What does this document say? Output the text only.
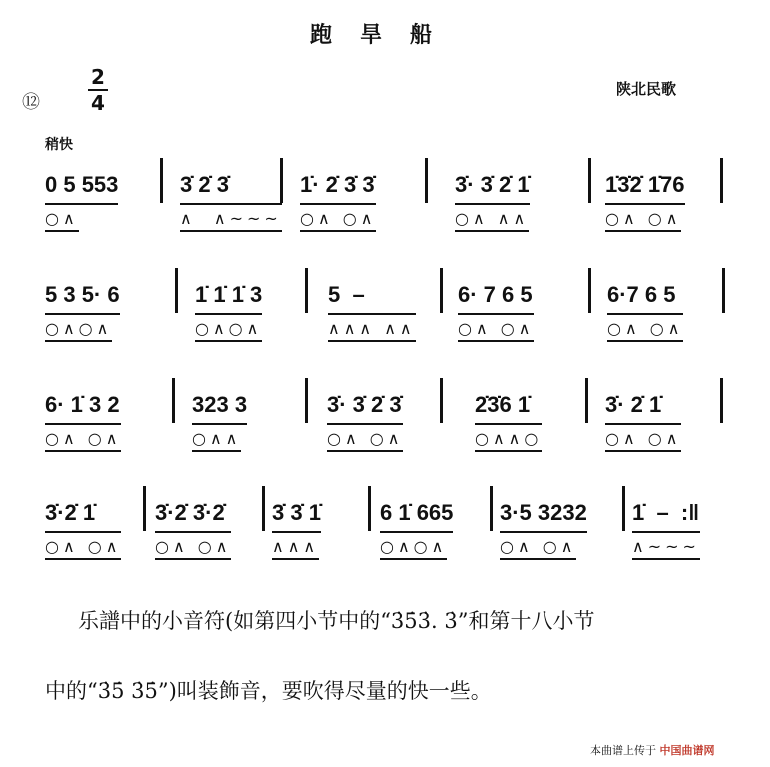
跑旱船
⑫
2
4
陕北民歌
稍快
0 5 553
○∧
3̇ 2̇ 3̇
∧  ∧~~~
1̇· 2̇ 3̇ 3̇
○∧ ○∧
3̇· 3̇ 2̇ 1̇
○∧ ∧∧
1̇3̇2̇ 1̇76
○∧ ○∧
5 3 5· 6
○∧○∧
1̇ 1̇ 1̇ 3
○∧○∧
5  –
∧∧∧ ∧∧
6· 7 6 5
○∧ ○∧
6·7 6 5
○∧ ○∧
6· 1̇ 3 2
○∧ ○∧
323 3
○∧∧
3̇· 3̇ 2̇ 3̇
○∧ ○∧
2̇3̇6 1̇
○∧∧○
3̇· 2̇ 1̇
○∧ ○∧
3̇·2̇ 1̇
○∧ ○∧
3̇·2̇ 3̇·2̇
○∧ ○∧
3̇ 3̇ 1̇
∧∧∧
6 1̇ 665
○∧○∧
3·5 3232
○∧ ○∧
1̇  –  :‖
∧~~~
乐譜中的小音符(如第四小节中的“3̇5̇3̇. 3̇”和第十八小节
中的“3̇5̇ 3̇5̇”)叫装飾音，要吹得尽量的快一些。
本曲谱上传于 中国曲谱网
